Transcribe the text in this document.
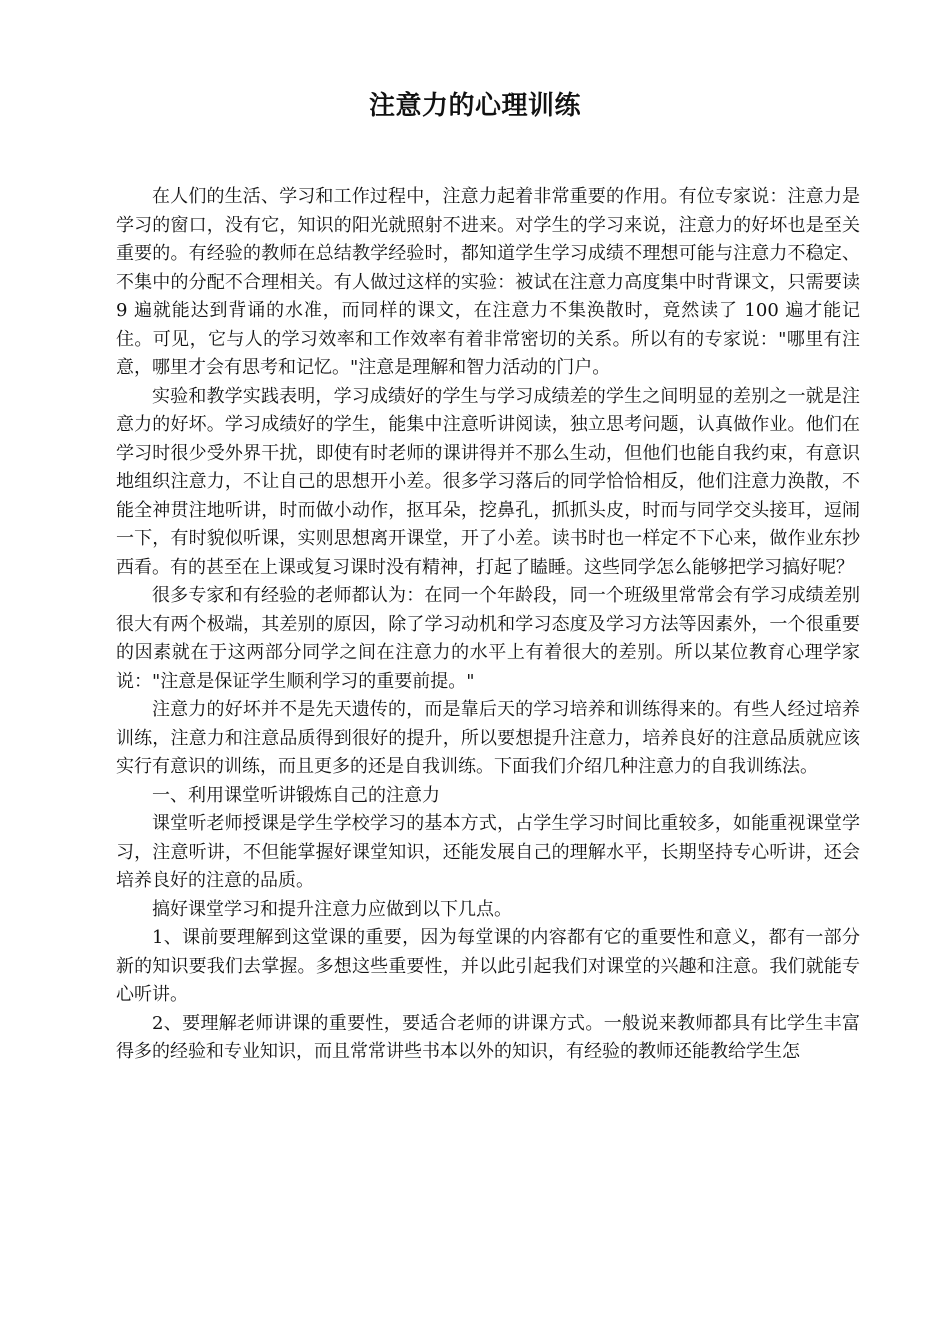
注意力的心理训练

在人们的生活、学习和工作过程中，注意力起着非常重要的作用。有位专家说：注意力是学习的窗口，没有它，知识的阳光就照射不进来。对学生的学习来说，注意力的好坏也是至关重要的。有经验的教师在总结教学经验时，都知道学生学习成绩不理想可能与注意力不稳定、不集中的分配不合理相关。有人做过这样的实验：被试在注意力高度集中时背课文，只需要读 9 遍就能达到背诵的水准，而同样的课文，在注意力不集涣散时，竟然读了 100 遍才能记住。可见，它与人的学习效率和工作效率有着非常密切的关系。所以有的专家说："哪里有注意，哪里才会有思考和记忆。"注意是理解和智力活动的门户。

实验和教学实践表明，学习成绩好的学生与学习成绩差的学生之间明显的差别之一就是注意力的好坏。学习成绩好的学生，能集中注意听讲阅读，独立思考问题，认真做作业。他们在学习时很少受外界干扰，即使有时老师的课讲得并不那么生动，但他们也能自我约束，有意识地组织注意力，不让自己的思想开小差。很多学习落后的同学恰恰相反，他们注意力涣散，不能全神贯注地听讲，时而做小动作，抠耳朵，挖鼻孔，抓抓头皮，时而与同学交头接耳，逗闹一下，有时貌似听课，实则思想离开课堂，开了小差。读书时也一样定不下心来，做作业东抄西看。有的甚至在上课或复习课时没有精神，打起了瞌睡。这些同学怎么能够把学习搞好呢？

很多专家和有经验的老师都认为：在同一个年龄段，同一个班级里常常会有学习成绩差别很大有两个极端，其差别的原因，除了学习动机和学习态度及学习方法等因素外，一个很重要的因素就在于这两部分同学之间在注意力的水平上有着很大的差别。所以某位教育心理学家说："注意是保证学生顺利学习的重要前提。"

注意力的好坏并不是先天遗传的，而是靠后天的学习培养和训练得来的。有些人经过培养训练，注意力和注意品质得到很好的提升，所以要想提升注意力，培养良好的注意品质就应该实行有意识的训练，而且更多的还是自我训练。下面我们介绍几种注意力的自我训练法。

一、利用课堂听讲锻炼自己的注意力

课堂听老师授课是学生学校学习的基本方式，占学生学习时间比重较多，如能重视课堂学习，注意听讲，不但能掌握好课堂知识，还能发展自己的理解水平，长期坚持专心听讲，还会培养良好的注意的品质。

搞好课堂学习和提升注意力应做到以下几点。

1、课前要理解到这堂课的重要，因为每堂课的内容都有它的重要性和意义，都有一部分新的知识要我们去掌握。多想这些重要性，并以此引起我们对课堂的兴趣和注意。我们就能专心听讲。

2、要理解老师讲课的重要性，要适合老师的讲课方式。一般说来教师都具有比学生丰富得多的经验和专业知识，而且常常讲些书本以外的知识，有经验的教师还能教给学生怎
